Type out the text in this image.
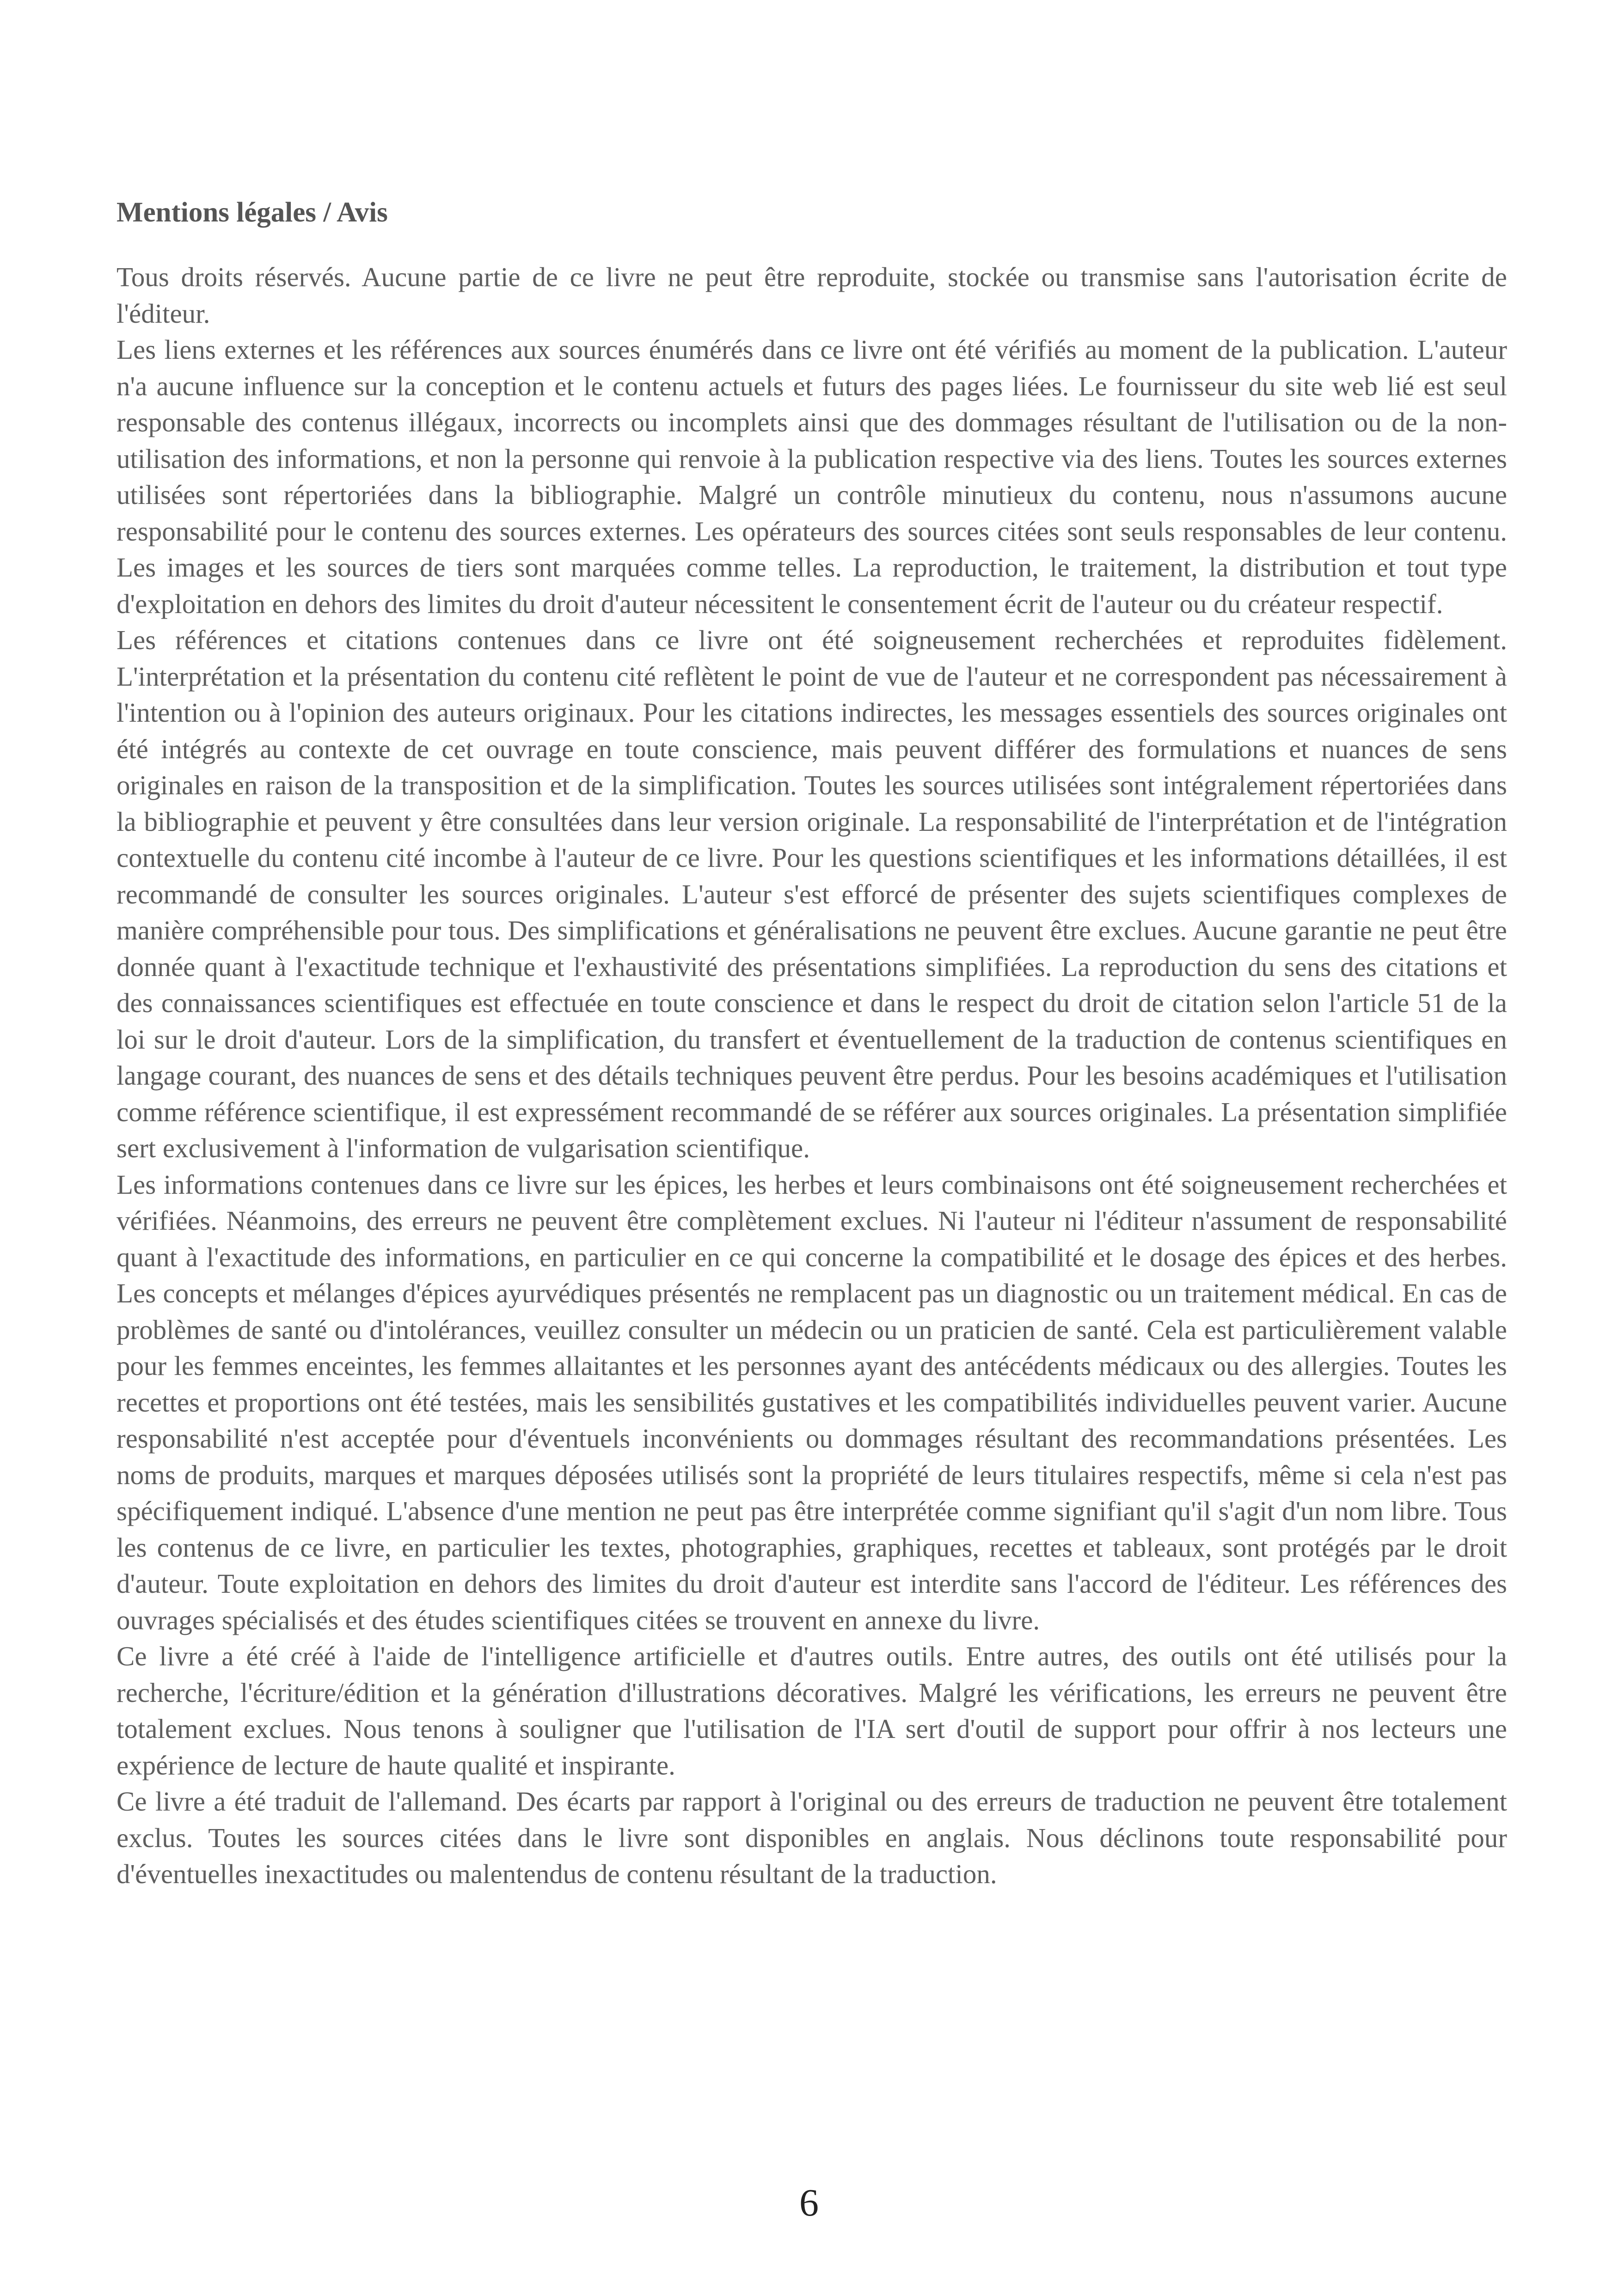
Mentions légales / Avis

Tous droits réservés. Aucune partie de ce livre ne peut être reproduite, stockée ou transmise sans l'autorisation écrite de l'éditeur.

Les liens externes et les références aux sources énumérés dans ce livre ont été vérifiés au moment de la publication. L'auteur n'a aucune influence sur la conception et le contenu actuels et futurs des pages liées. Le fournisseur du site web lié est seul responsable des contenus illégaux, incorrects ou incomplets ainsi que des dommages résultant de l'utilisation ou de la non-utilisation des informations, et non la personne qui renvoie à la publication respective via des liens. Toutes les sources externes utilisées sont répertoriées dans la bibliographie. Malgré un contrôle minutieux du contenu, nous n'assumons aucune responsabilité pour le contenu des sources externes. Les opérateurs des sources citées sont seuls responsables de leur contenu. Les images et les sources de tiers sont marquées comme telles. La reproduction, le traitement, la distribution et tout type d'exploitation en dehors des limites du droit d'auteur nécessitent le consentement écrit de l'auteur ou du créateur respectif.

Les références et citations contenues dans ce livre ont été soigneusement recherchées et reproduites fidèlement. L'interprétation et la présentation du contenu cité reflètent le point de vue de l'auteur et ne correspondent pas nécessairement à l'intention ou à l'opinion des auteurs originaux. Pour les citations indirectes, les messages essentiels des sources originales ont été intégrés au contexte de cet ouvrage en toute conscience, mais peuvent différer des formulations et nuances de sens originales en raison de la transposition et de la simplification. Toutes les sources utilisées sont intégralement répertoriées dans la bibliographie et peuvent y être consultées dans leur version originale. La responsabilité de l'interprétation et de l'intégration contextuelle du contenu cité incombe à l'auteur de ce livre. Pour les questions scientifiques et les informations détaillées, il est recommandé de consulter les sources originales. L'auteur s'est efforcé de présenter des sujets scientifiques complexes de manière compréhensible pour tous. Des simplifications et généralisations ne peuvent être exclues. Aucune garantie ne peut être donnée quant à l'exactitude technique et l'exhaustivité des présentations simplifiées. La reproduction du sens des citations et des connaissances scientifiques est effectuée en toute conscience et dans le respect du droit de citation selon l'article 51 de la loi sur le droit d'auteur. Lors de la simplification, du transfert et éventuellement de la traduction de contenus scientifiques en langage courant, des nuances de sens et des détails techniques peuvent être perdus. Pour les besoins académiques et l'utilisation comme référence scientifique, il est expressément recommandé de se référer aux sources originales. La présentation simplifiée sert exclusivement à l'information de vulgarisation scientifique.

Les informations contenues dans ce livre sur les épices, les herbes et leurs combinaisons ont été soigneusement recherchées et vérifiées. Néanmoins, des erreurs ne peuvent être complètement exclues. Ni l'auteur ni l'éditeur n'assument de responsabilité quant à l'exactitude des informations, en particulier en ce qui concerne la compatibilité et le dosage des épices et des herbes. Les concepts et mélanges d'épices ayurvédiques présentés ne remplacent pas un diagnostic ou un traitement médical. En cas de problèmes de santé ou d'intolérances, veuillez consulter un médecin ou un praticien de santé. Cela est particulièrement valable pour les femmes enceintes, les femmes allaitantes et les personnes ayant des antécédents médicaux ou des allergies. Toutes les recettes et proportions ont été testées, mais les sensibilités gustatives et les compatibilités individuelles peuvent varier. Aucune responsabilité n'est acceptée pour d'éventuels inconvénients ou dommages résultant des recommandations présentées. Les noms de produits, marques et marques déposées utilisés sont la propriété de leurs titulaires respectifs, même si cela n'est pas spécifiquement indiqué. L'absence d'une mention ne peut pas être interprétée comme signifiant qu'il s'agit d'un nom libre. Tous les contenus de ce livre, en particulier les textes, photographies, graphiques, recettes et tableaux, sont protégés par le droit d'auteur. Toute exploitation en dehors des limites du droit d'auteur est interdite sans l'accord de l'éditeur. Les références des ouvrages spécialisés et des études scientifiques citées se trouvent en annexe du livre.

Ce livre a été créé à l'aide de l'intelligence artificielle et d'autres outils. Entre autres, des outils ont été utilisés pour la recherche, l'écriture/édition et la génération d'illustrations décoratives. Malgré les vérifications, les erreurs ne peuvent être totalement exclues. Nous tenons à souligner que l'utilisation de l'IA sert d'outil de support pour offrir à nos lecteurs une expérience de lecture de haute qualité et inspirante.

Ce livre a été traduit de l'allemand. Des écarts par rapport à l'original ou des erreurs de traduction ne peuvent être totalement exclus. Toutes les sources citées dans le livre sont disponibles en anglais. Nous déclinons toute responsabilité pour d'éventuelles inexactitudes ou malentendus de contenu résultant de la traduction.

6
